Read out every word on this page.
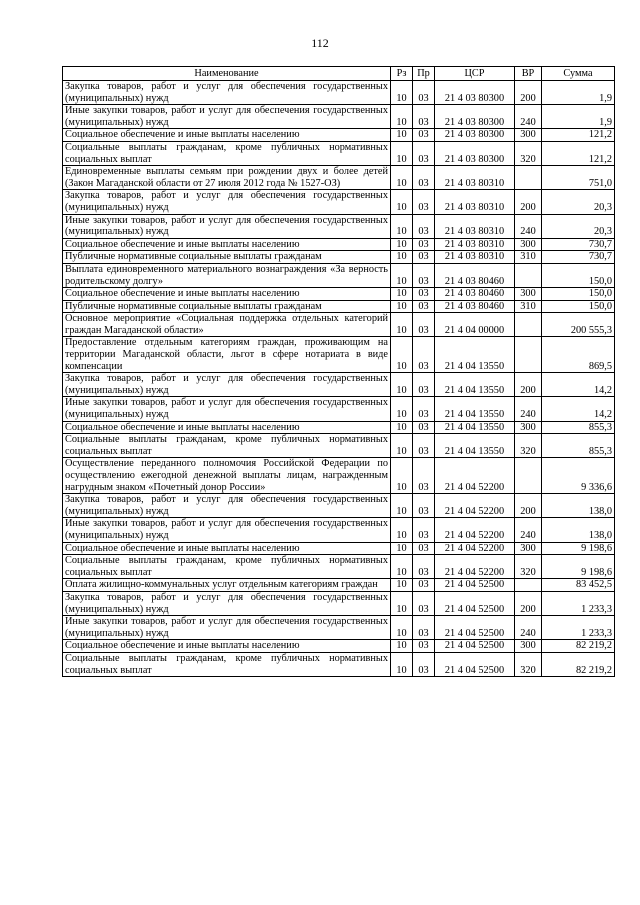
112
Наименование	Рз	Пр	ЦСР	ВР	Сумма
Закупка товаров, работ и услуг для обеспечения государственных (муниципальных) нужд	10	03	21 4 03 80300	200	1,9
Иные закупки товаров, работ и услуг для обеспечения государственных (муниципальных) нужд	10	03	21 4 03 80300	240	1,9
Социальное обеспечение и иные выплаты населению	10	03	21 4 03 80300	300	121,2
Социальные выплаты гражданам, кроме публичных нормативных социальных выплат	10	03	21 4 03 80300	320	121,2
Единовременные выплаты семьям при рождении двух и более детей (Закон Магаданской области от 27 июля 2012 года № 1527-ОЗ)	10	03	21 4 03 80310		751,0
Закупка товаров, работ и услуг для обеспечения государственных (муниципальных) нужд	10	03	21 4 03 80310	200	20,3
Иные закупки товаров, работ и услуг для обеспечения государственных (муниципальных) нужд	10	03	21 4 03 80310	240	20,3
Социальное обеспечение и иные выплаты населению	10	03	21 4 03 80310	300	730,7
Публичные нормативные социальные выплаты гражданам	10	03	21 4 03 80310	310	730,7
Выплата единовременного материального вознаграждения «За верность родительскому долгу»	10	03	21 4 03 80460		150,0
Социальное обеспечение и иные выплаты населению	10	03	21 4 03 80460	300	150,0
Публичные нормативные социальные выплаты гражданам	10	03	21 4 03 80460	310	150,0
Основное мероприятие «Социальная поддержка отдельных категорий граждан Магаданской области»	10	03	21 4 04 00000		200 555,3
Предоставление отдельным категориям граждан, проживающим на территории Магаданской области, льгот в сфере нотариата в виде компенсации	10	03	21 4 04 13550		869,5
Закупка товаров, работ и услуг для обеспечения государственных (муниципальных) нужд	10	03	21 4 04 13550	200	14,2
Иные закупки товаров, работ и услуг для обеспечения государственных (муниципальных) нужд	10	03	21 4 04 13550	240	14,2
Социальное обеспечение и иные выплаты населению	10	03	21 4 04 13550	300	855,3
Социальные выплаты гражданам, кроме публичных нормативных социальных выплат	10	03	21 4 04 13550	320	855,3
Осуществление переданного полномочия Российской Федерации по осуществлению ежегодной денежной выплаты лицам, награжденным нагрудным знаком «Почетный донор России»	10	03	21 4 04 52200		9 336,6
Закупка товаров, работ и услуг для обеспечения государственных (муниципальных) нужд	10	03	21 4 04 52200	200	138,0
Иные закупки товаров, работ и услуг для обеспечения государственных (муниципальных) нужд	10	03	21 4 04 52200	240	138,0
Социальное обеспечение и иные выплаты населению	10	03	21 4 04 52200	300	9 198,6
Социальные выплаты гражданам, кроме публичных нормативных социальных выплат	10	03	21 4 04 52200	320	9 198,6
Оплата жилищно-коммунальных услуг отдельным категориям граждан	10	03	21 4 04 52500		83 452,5
Закупка товаров, работ и услуг для обеспечения государственных (муниципальных) нужд	10	03	21 4 04 52500	200	1 233,3
Иные закупки товаров, работ и услуг для обеспечения государственных (муниципальных) нужд	10	03	21 4 04 52500	240	1 233,3
Социальное обеспечение и иные выплаты населению	10	03	21 4 04 52500	300	82 219,2
Социальные выплаты гражданам, кроме публичных нормативных социальных выплат	10	03	21 4 04 52500	320	82 219,2
